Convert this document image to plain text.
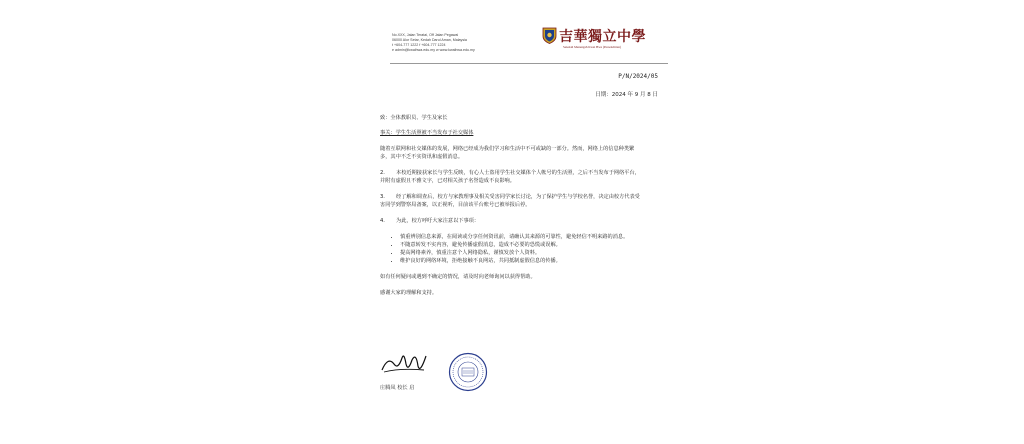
No.XXX, Jalan Teratai, Off Jalan Pegawai
06000 Alor Setar, Kedah Darul Aman, Malaysia
t +604-777 1222 f +604-777 1224
e admin@kwaihwa.edu.my w www.kwaihwa.edu.my
吉華獨立中學
Sekolah Menengah Kwai Hwa (Persendirian)
P/N/2024/05
日期：2024 年 9 月 8 日

致：全体教职员、学生及家长

事关：学生生活照被不当发布于社交媒体

随着互联网和社交媒体的发展，网络已经成为我们学习和生活中不可或缺的一部分。然而，网络上的信息种类繁多，其中不乏不实资讯和虚假消息。

2. 本校近期接获家长与学生反映，有心人士盗用学生社交媒体个人帐号的生活照，之后不当发布于网络平台，并附有虚假且不雅文字，已对相关孩子名誉造成不良影响。

3. 经了解和调查后，校方与家教理事及相关受害同学家长讨论，为了保护学生与学校名誉，决定由校方代表受害同学到警察局备案，以正视听，目前该平台账号已被举报后停。

4. 为此，校方呼吁大家注意以下事项：

• 慎重辨别信息来源，在阅读或分享任何资讯前，请确认其来源的可靠性，避免轻信不明来路的消息。
• 不随意转发不实内容，避免传播虚假消息，造成不必要的恐慌或误解。
• 提高网络素养，慎重注意个人网络隐私，谨慎发放个人资料。
• 维护良好的网络环境，拒绝接触不良网站，共同抵制虚假信息的传播。

如有任何疑问或遇到不确定的情况，请及时向老师询问以获得帮助。

感谢大家的理解和支持。

庄腾凤 校长 启
